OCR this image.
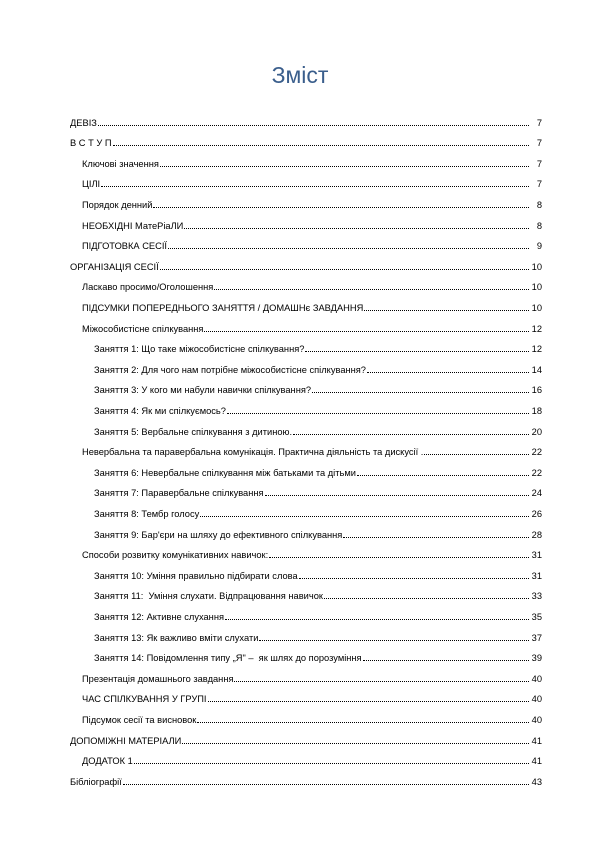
Зміст
ДЕВІЗ	7
В С Т У П	7
Ключові значення	7
ЦІЛІ	7
Порядок денний	8
НЕОБХІДНІ МатеРіаЛИ	8
ПІДГОТОВКА СЕСІЇ	9
ОРГАНІЗАЦІЯ СЕСІЇ	10
Ласкаво просимо/Оголошення	10
ПІДСУМКИ ПОПЕРЕДНЬОГО ЗАНЯТТЯ / ДОМАШНє ЗАВДАННЯ	10
Міжособистісне спілкування	12
Заняття 1: Що таке міжособистісне спілкування?	12
Заняття 2: Для чого нам потрібне міжособистісне спілкування?	14
Заняття 3: У кого ми набули навички спілкування?	16
Заняття 4: Як ми спілкуємось?	18
Заняття 5: Вербальне спілкування з дитиною.	20
Невербальна та паравербальна комунікація. Практична діяльність та дискусії .	22
Заняття 6: Невербальне спілкування між батьками та дітьми	22
Заняття 7: Паравербальне спілкування	24
Заняття 8: Тембр голосу	26
Заняття 9: Бар'єри на шляху до ефективного спілкування	28
Способи розвитку комунікативних навичок:	31
Заняття 10: Уміння правильно підбирати слова	31
Заняття 11:  Уміння слухати. Відпрацювання навичок	33
Заняття 12: Активне слухання	35
Заняття 13: Як важливо вміти слухати	37
Заняття 14: Повідомлення типу „Я" –  як шлях до порозуміння	39
Презентація домашнього завдання	40
ЧАС СПІЛКУВАННЯ У ГРУПІ	40
Підсумок сесії та висновок	40
ДОПОМІЖНІ МАТЕРІАЛИ	41
ДОДАТОК 1	41
Бібліографії	43
